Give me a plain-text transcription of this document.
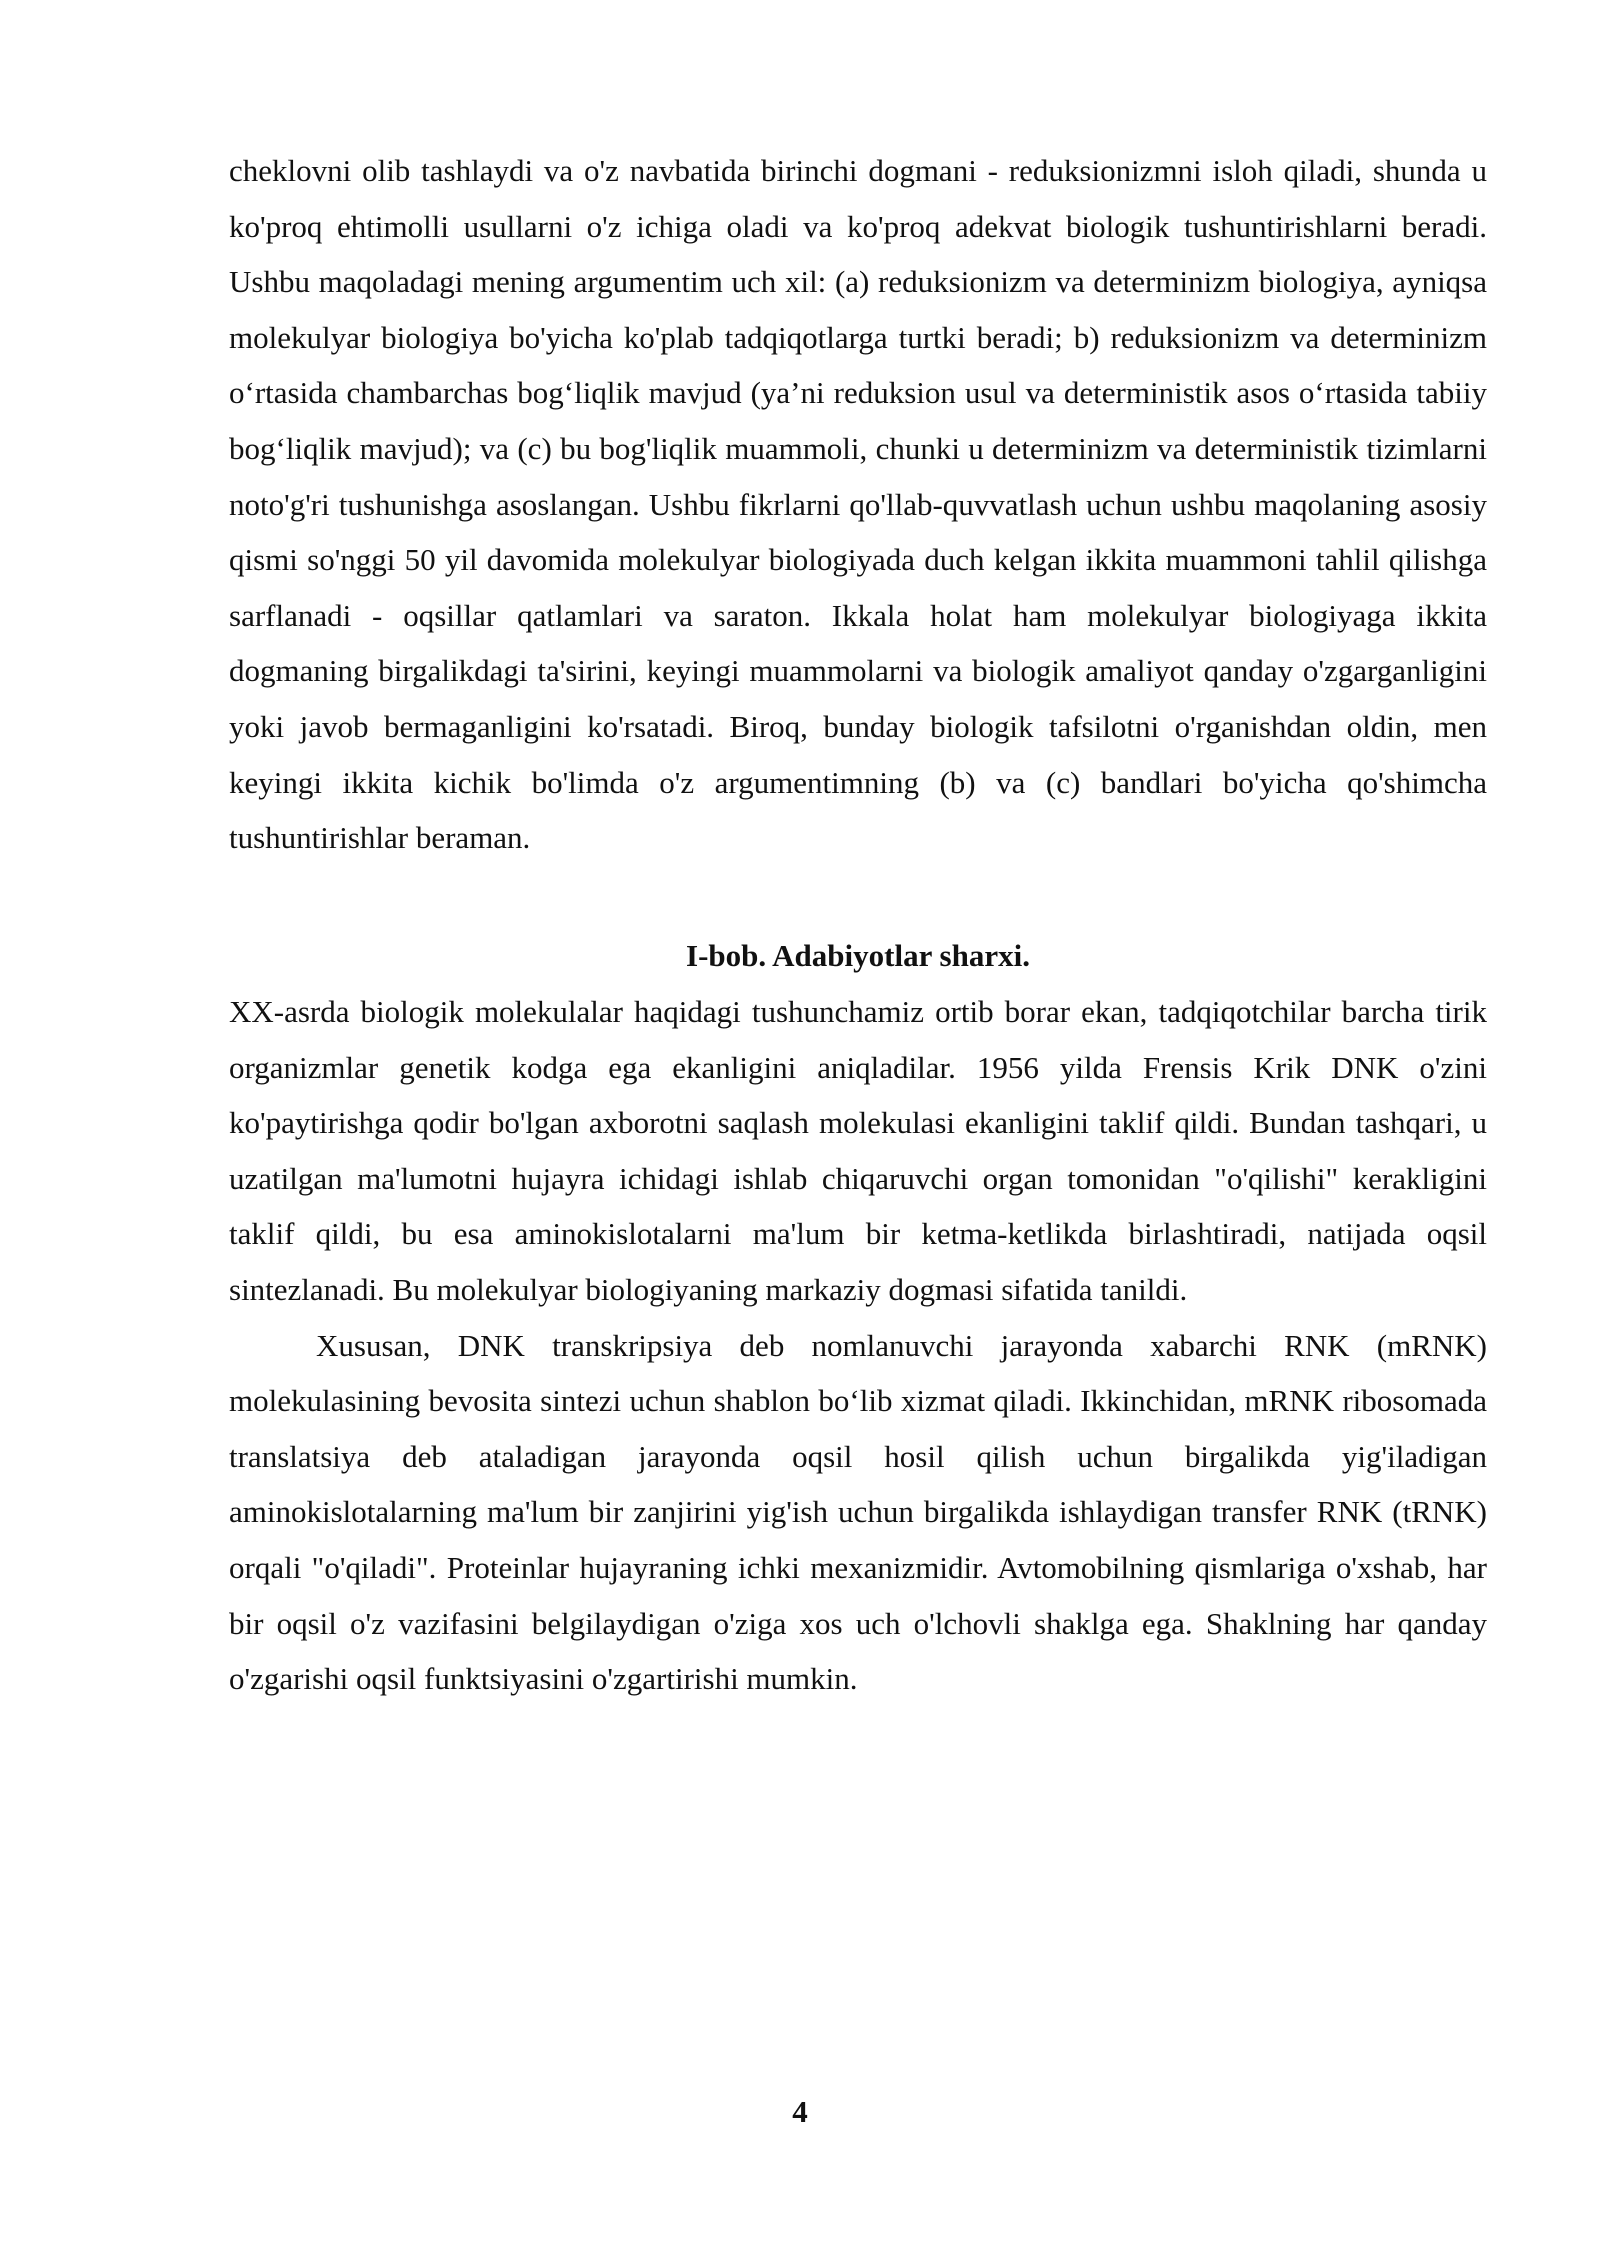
cheklovni olib tashlaydi va o'z navbatida birinchi dogmani - reduksionizmni isloh qiladi, shunda u ko'proq ehtimolli usullarni o'z ichiga oladi va ko'proq adekvat biologik tushuntirishlarni beradi. Ushbu maqoladagi mening argumentim uch xil: (a) reduksionizm va determinizm biologiya, ayniqsa molekulyar biologiya bo'yicha ko'plab tadqiqotlarga turtki beradi; b) reduksionizm va determinizm o‘rtasida chambarchas bog‘liqlik mavjud (ya’ni reduksion usul va deterministik asos o‘rtasida tabiiy bog‘liqlik mavjud); va (c) bu bog'liqlik muammoli, chunki u determinizm va deterministik tizimlarni noto'g'ri tushunishga asoslangan. Ushbu fikrlarni qo'llab-quvvatlash uchun ushbu maqolaning asosiy qismi so'nggi 50 yil davomida molekulyar biologiyada duch kelgan ikkita muammoni tahlil qilishga sarflanadi - oqsillar qatlamlari va saraton. Ikkala holat ham molekulyar biologiyaga ikkita dogmaning birgalikdagi ta'sirini, keyingi muammolarni va biologik amaliyot qanday o'zgarganligini yoki javob bermaganligini ko'rsatadi. Biroq, bunday biologik tafsilotni o'rganishdan oldin, men keyingi ikkita kichik bo'limda o'z argumentimning (b) va (c) bandlari bo'yicha qo'shimcha tushuntirishlar beraman.

I-bob. Adabiyotlar sharxi.

XX-asrda biologik molekulalar haqidagi tushunchamiz ortib borar ekan, tadqiqotchilar barcha tirik organizmlar genetik kodga ega ekanligini aniqladilar. 1956 yilda Frensis Krik DNK o'zini ko'paytirishga qodir bo'lgan axborotni saqlash molekulasi ekanligini taklif qildi. Bundan tashqari, u uzatilgan ma'lumotni hujayra ichidagi ishlab chiqaruvchi organ tomonidan "o'qilishi" kerakligini taklif qildi, bu esa aminokislotalarni ma'lum bir ketma-ketlikda birlashtiradi, natijada oqsil sintezlanadi. Bu molekulyar biologiyaning markaziy dogmasi sifatida tanildi.

Xususan, DNK transkripsiya deb nomlanuvchi jarayonda xabarchi RNK (mRNK) molekulasining bevosita sintezi uchun shablon bo‘lib xizmat qiladi. Ikkinchidan, mRNK ribosomada translatsiya deb ataladigan jarayonda oqsil hosil qilish uchun birgalikda yig'iladigan aminokislotalarning ma'lum bir zanjirini yig'ish uchun birgalikda ishlaydigan transfer RNK (tRNK) orqali "o'qiladi". Proteinlar hujayraning ichki mexanizmidir. Avtomobilning qismlariga o'xshab, har bir oqsil o'z vazifasini belgilaydigan o'ziga xos uch o'lchovli shaklga ega. Shaklning har qanday o'zgarishi oqsil funktsiyasini o'zgartirishi mumkin.

4
